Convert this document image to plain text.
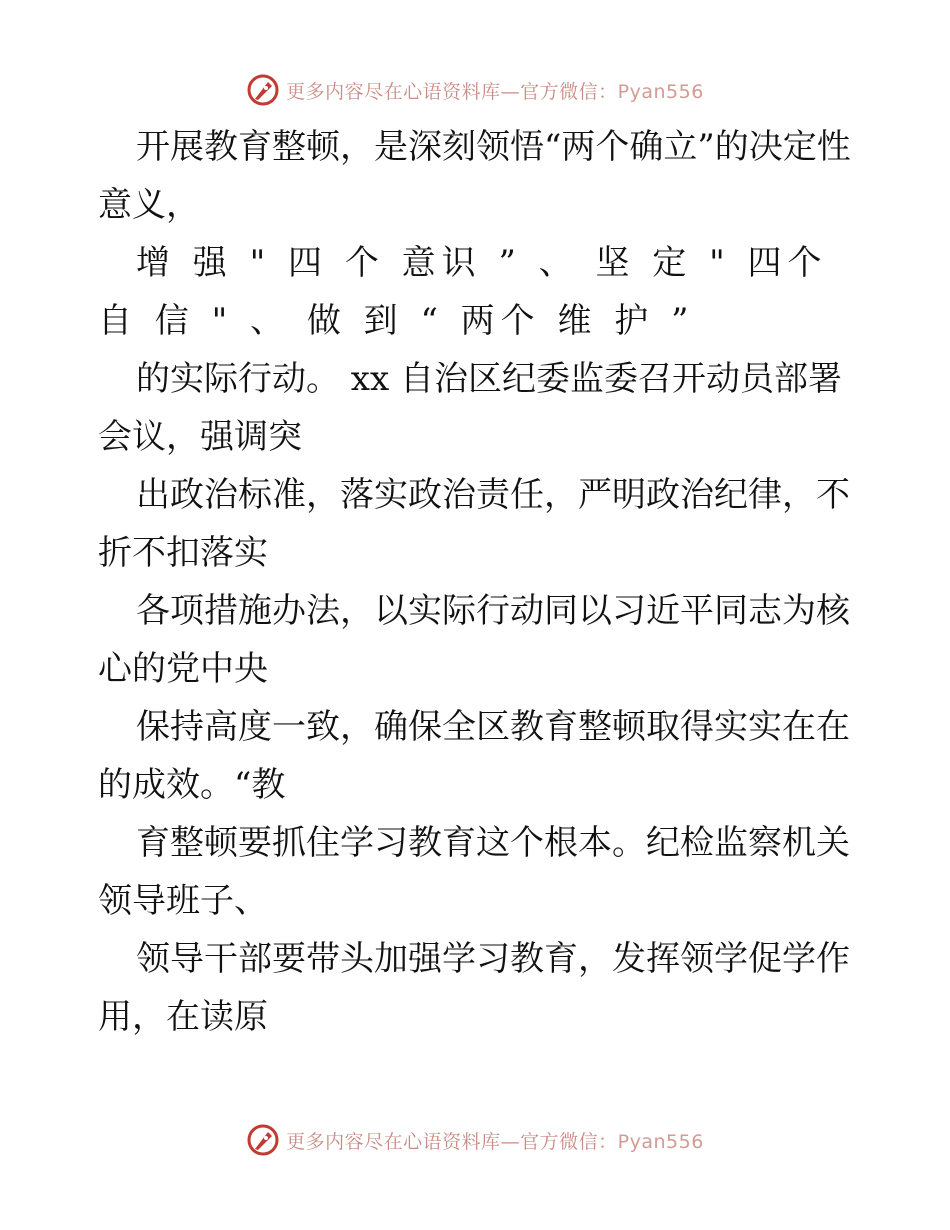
更多内容尽在心语资料库—官方微信：Pyan556

开展教育整顿，是深刻领悟“两个确立”的决定性意义，

增 强 " 四 个 意识 ” 、 坚 定 " 四个 自 信 " 、 做 到 “ 两个 维 护 ”

的实际行动。 xx 自治区纪委监委召开动员部署会议，强调突

出政治标准，落实政治责任，严明政治纪律，不折不扣落实

各项措施办法，以实际行动同以习近平同志为核心的党中央

保持高度一致，确保全区教育整顿取得实实在在的成效。“教

育整顿要抓住学习教育这个根本。纪检监察机关领导班子、

领导干部要带头加强学习教育，发挥领学促学作用，在读原

更多内容尽在心语资料库—官方微信：Pyan556
